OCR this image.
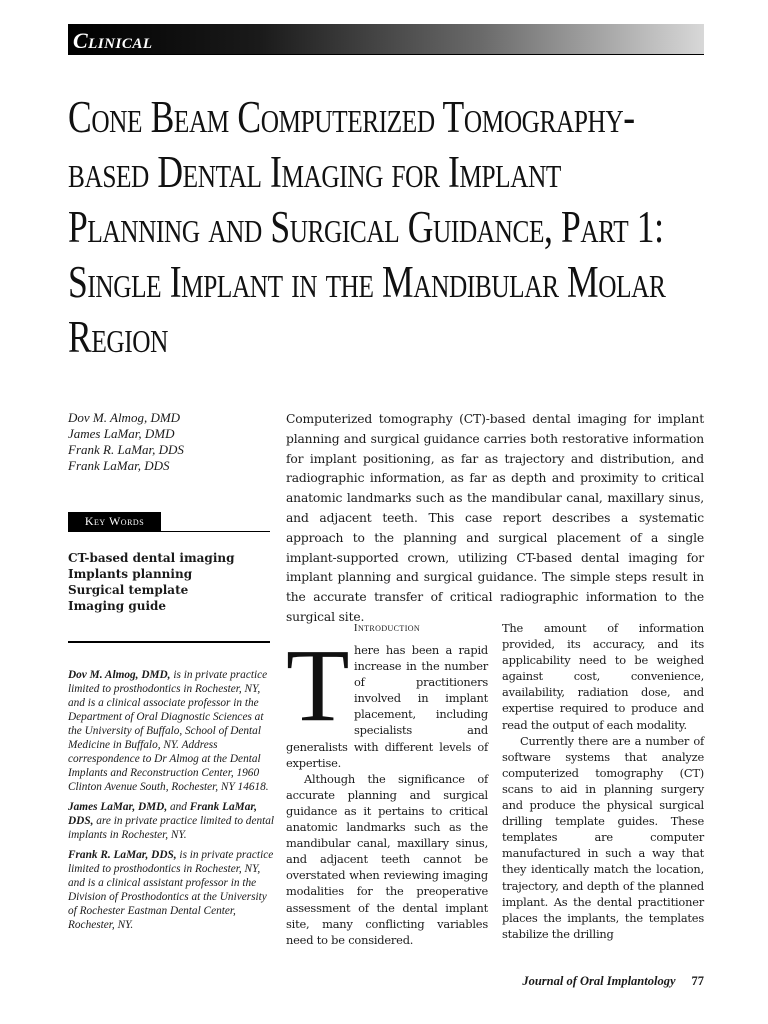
Clinical
Cone Beam Computerized Tomography-based Dental Imaging for Implant Planning and Surgical Guidance, Part 1: Single Implant in the Mandibular Molar Region
Dov M. Almog, DMD
James LaMar, DMD
Frank R. LaMar, DDS
Frank LaMar, DDS
Key Words
CT-based dental imaging
Implants planning
Surgical template
Imaging guide

Dov M. Almog, DMD, is in private practice limited to prosthodontics in Rochester, NY, and is a clinical associate professor in the Department of Oral Diagnostic Sciences at the University of Buffalo, School of Dental Medicine in Buffalo, NY. Address correspondence to Dr Almog at the Dental Implants and Reconstruction Center, 1960 Clinton Avenue South, Rochester, NY 14618.

James LaMar, DMD, and Frank LaMar, DDS, are in private practice limited to dental implants in Rochester, NY.

Frank R. LaMar, DDS, is in private practice limited to prosthodontics in Rochester, NY, and is a clinical assistant professor in the Division of Prosthodontics at the University of Rochester Eastman Dental Center, Rochester, NY.

Computerized tomography (CT)-based dental imaging for implant planning and surgical guidance carries both restorative information for implant positioning, as far as trajectory and distribution, and radiographic information, as far as depth and proximity to critical anatomic landmarks such as the mandibular canal, maxillary sinus, and adjacent teeth. This case report describes a systematic approach to the planning and surgical placement of a single implant-supported crown, utilizing CT-based dental imaging for implant planning and surgical guidance. The simple steps result in the accurate transfer of critical radiographic information to the surgical site.

Introduction

There has been a rapid increase in the number of practitioners involved in implant placement, including specialists and generalists with different levels of expertise.

Although the significance of accurate planning and surgical guidance as it pertains to critical anatomic landmarks such as the mandibular canal, maxillary sinus, and adjacent teeth cannot be overstated when reviewing imaging modalities for the preoperative assessment of the dental implant site, many conflicting variables need to be considered.

The amount of information provided, its accuracy, and its applicability need to be weighed against cost, convenience, availability, radiation dose, and expertise required to produce and read the output of each modality.

Currently there are a number of software systems that analyze computerized tomography (CT) scans to aid in planning surgery and produce the physical surgical drilling template guides. These templates are computer manufactured in such a way that they identically match the location, trajectory, and depth of the planned implant. As the dental practitioner places the implants, the templates stabilize the drilling

Journal of Oral Implantology 77
